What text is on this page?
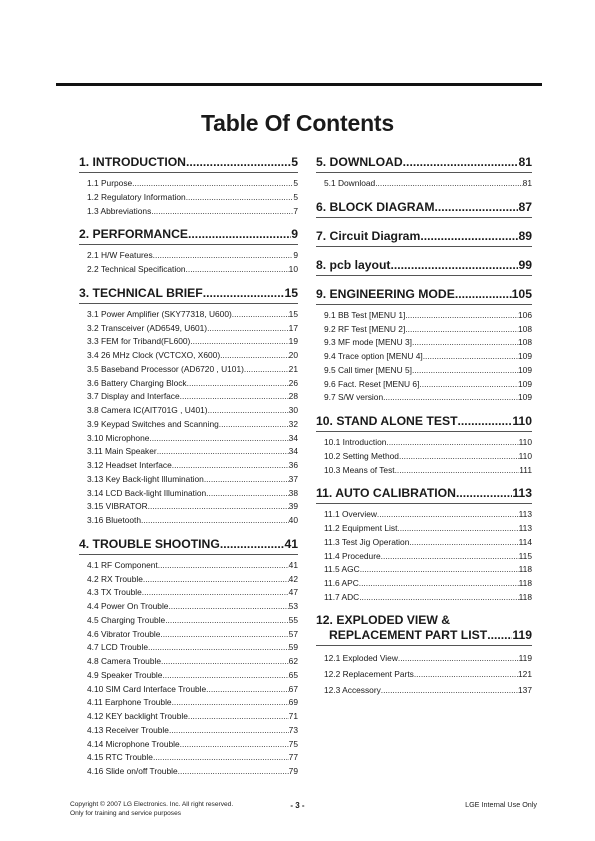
Table Of Contents
1. INTRODUCTION .....	5
1.1 Purpose .....	5
1.2 Regulatory Information .....	5
1.3 Abbreviations .....	7
2. PERFORMANCE .....	9
2.1 H/W Features .....	9
2.2 Technical Specification .....	10
3. TECHNICAL BRIEF .....	15
3.1 Power Amplifier (SKY77318, U600) .....	15
3.2 Transceiver (AD6549, U601) .....	17
3.3 FEM for Triband(FL600) .....	19
3.4 26 MHz Clock (VCTCXO, X600) .....	20
3.5 Baseband Processor (AD6720 , U101) .....	21
3.6 Battery Charging Block .....	26
3.7 Display and Interface .....	28
3.8 Camera IC(AIT701G , U401) .....	30
3.9 Keypad Switches and Scanning .....	32
3.10 Microphone .....	34
3.11 Main Speaker .....	34
3.12 Headset Interface .....	36
3.13 Key Back-light Illumination .....	37
3.14 LCD Back-light Illumination .....	38
3.15 VIBRATOR .....	39
3.16 Bluetooth .....	40
4. TROUBLE SHOOTING .....	41
4.1 RF Component .....	41
4.2 RX Trouble .....	42
4.3 TX Trouble .....	47
4.4 Power On Trouble .....	53
4.5 Charging Trouble .....	55
4.6 Vibrator Trouble .....	57
4.7 LCD Trouble .....	59
4.8 Camera Trouble .....	62
4.9 Speaker Trouble .....	65
4.10 SIM Card Interface Trouble .....	67
4.11 Earphone Trouble .....	69
4.12 KEY backlight Trouble .....	71
4.13 Receiver Trouble .....	73
4.14 Microphone Trouble .....	75
4.15 RTC Trouble .....	77
4.16 Slide on/off Trouble .....	79
5. DOWNLOAD .....	81
5.1 Download .....	81
6. BLOCK DIAGRAM .....	87
7. Circuit Diagram .....	89
8. pcb layout .....	99
9. ENGINEERING MODE .....	105
9.1 BB Test [MENU 1] .....	106
9.2 RF Test [MENU 2] .....	108
9.3 MF mode [MENU 3] .....	108
9.4 Trace option [MENU 4] .....	109
9.5 Call timer [MENU 5] .....	109
9.6 Fact. Reset [MENU 6] .....	109
9.7 S/W version .....	109
10. STAND ALONE TEST .....	110
10.1 Introduction .....	110
10.2 Setting Method .....	110
10.3 Means of Test .....	111
11. AUTO CALIBRATION .....	113
11.1 Overview .....	113
11.2 Equipment List .....	113
11.3 Test Jig Operation .....	114
11.4 Procedure .....	115
11.5 AGC .....	118
11.6 APC .....	118
11.7 ADC .....	118
12. EXPLODED VIEW &
REPLACEMENT PART LIST ..... 119
12.1 Exploded View .....	119
12.2 Replacement Parts .....	121
12.3 Accessory .....	137
Copyright © 2007 LG Electronics. Inc. All right reserved.
Only for training and service purposes
- 3 -	LGE Internal Use Only
